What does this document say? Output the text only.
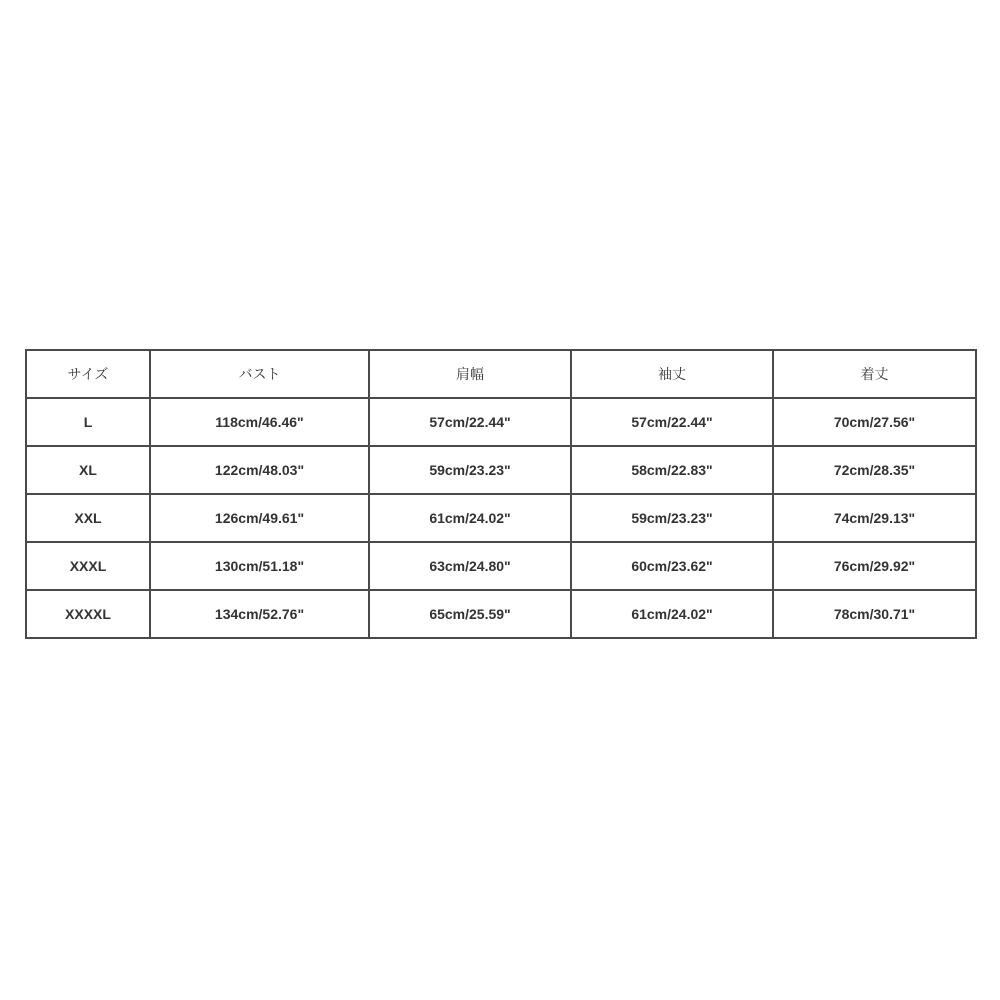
サイズ	バスト	肩幅	袖丈	着丈
L	118cm/46.46"	57cm/22.44"	57cm/22.44"	70cm/27.56"
XL	122cm/48.03"	59cm/23.23"	58cm/22.83"	72cm/28.35"
XXL	126cm/49.61"	61cm/24.02"	59cm/23.23"	74cm/29.13"
XXXL	130cm/51.18"	63cm/24.80"	60cm/23.62"	76cm/29.92"
XXXXL	134cm/52.76"	65cm/25.59"	61cm/24.02"	78cm/30.71"
